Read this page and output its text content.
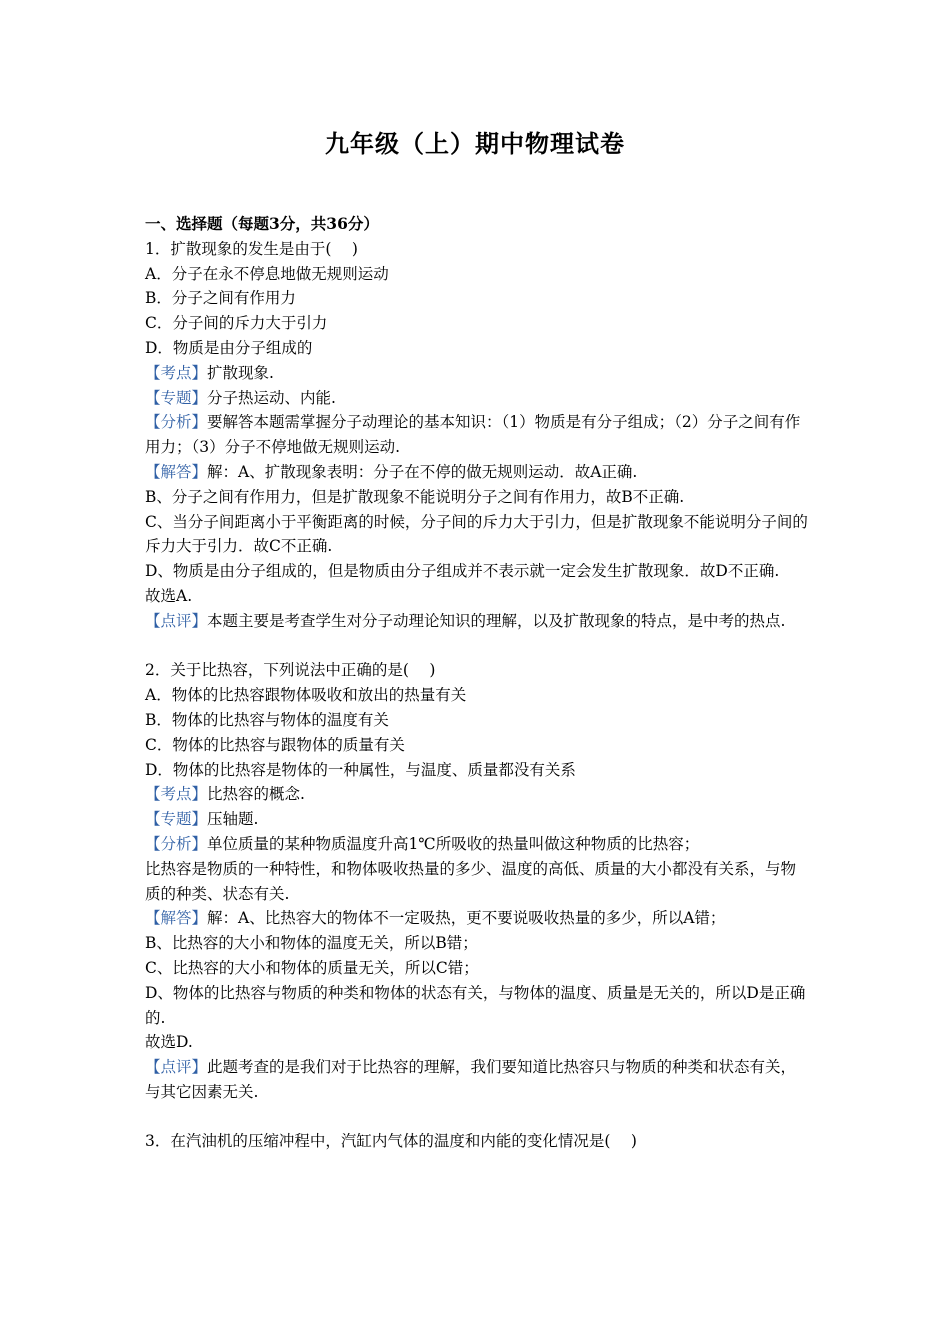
九年级（上）期中物理试卷

一、选择题（每题3分，共36分）

1．扩散现象的发生是由于(　 )

A．分子在永不停息地做无规则运动

B．分子之间有作用力

C．分子间的斥力大于引力

D．物质是由分子组成的

【考点】扩散现象.

【专题】分子热运动、内能.

【分析】要解答本题需掌握分子动理论的基本知识：（1）物质是有分子组成；（2）分子之间有作用力；（3）分子不停地做无规则运动.

【解答】解：A、扩散现象表明：分子在不停的做无规则运动．故A正确.

B、分子之间有作用力，但是扩散现象不能说明分子之间有作用力，故B不正确.

C、当分子间距离小于平衡距离的时候，分子间的斥力大于引力，但是扩散现象不能说明分子间的斥力大于引力．故C不正确.

D、物质是由分子组成的，但是物质由分子组成并不表示就一定会发生扩散现象．故D不正确.

故选A.

【点评】本题主要是考查学生对分子动理论知识的理解，以及扩散现象的特点，是中考的热点.

2．关于比热容，下列说法中正确的是(　 )

A．物体的比热容跟物体吸收和放出的热量有关

B．物体的比热容与物体的温度有关

C．物体的比热容与跟物体的质量有关

D．物体的比热容是物体的一种属性，与温度、质量都没有关系

【考点】比热容的概念.

【专题】压轴题.

【分析】单位质量的某种物质温度升高1℃所吸收的热量叫做这种物质的比热容；

比热容是物质的一种特性，和物体吸收热量的多少、温度的高低、质量的大小都没有关系，与物质的种类、状态有关.

【解答】解：A、比热容大的物体不一定吸热，更不要说吸收热量的多少，所以A错；

B、比热容的大小和物体的温度无关，所以B错；

C、比热容的大小和物体的质量无关，所以C错；

D、物体的比热容与物质的种类和物体的状态有关，与物体的温度、质量是无关的，所以D是正确的.

故选D.

【点评】此题考查的是我们对于比热容的理解，我们要知道比热容只与物质的种类和状态有关，与其它因素无关.

3．在汽油机的压缩冲程中，汽缸内气体的温度和内能的变化情况是(　 )
